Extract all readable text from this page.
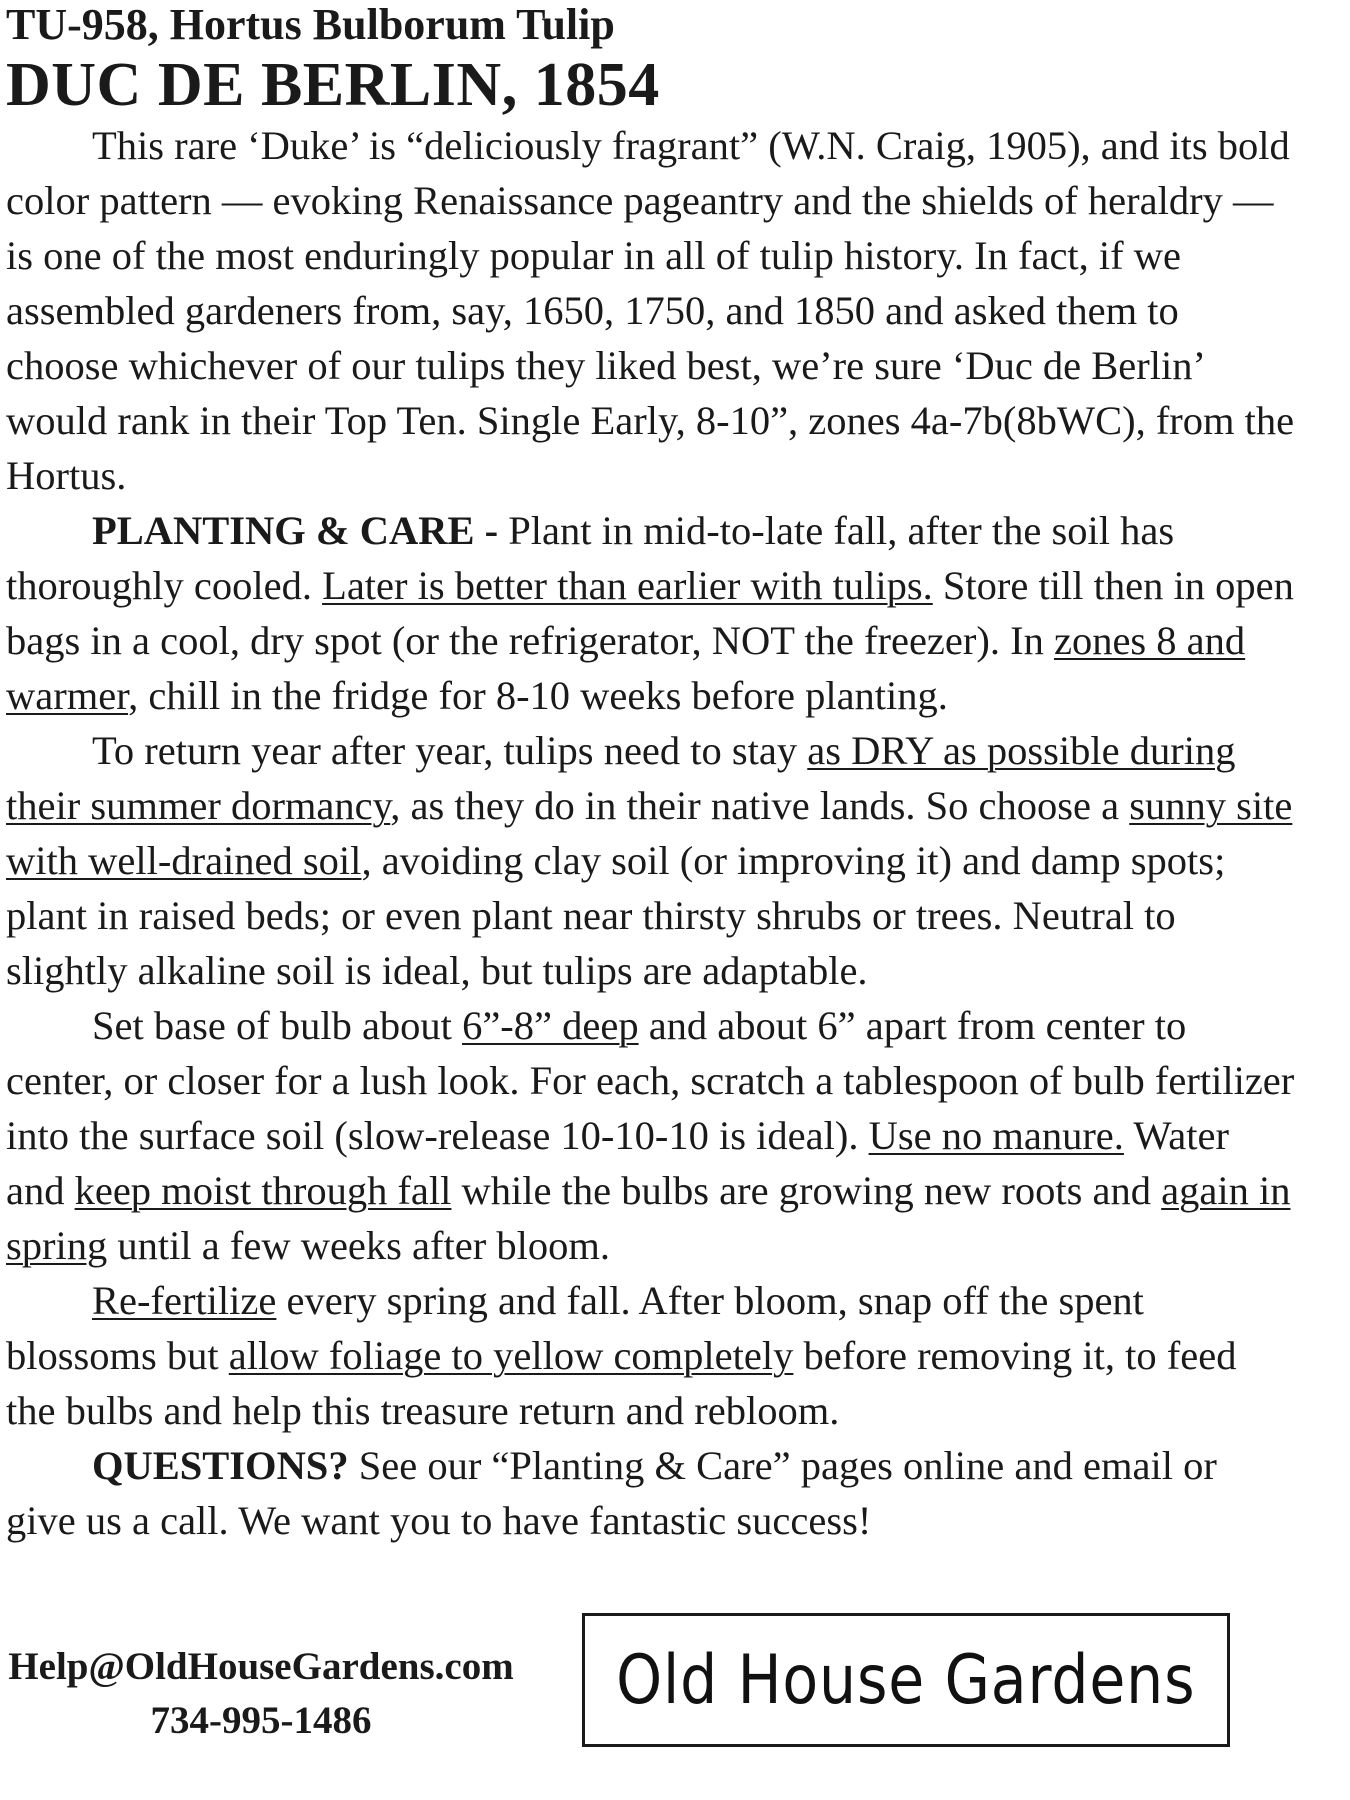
TU-958, Hortus Bulborum Tulip
DUC DE BERLIN, 1854

This rare ‘Duke’ is “deliciously fragrant” (W.N. Craig, 1905), and its bold color pattern — evoking Renaissance pageantry and the shields of heraldry — is one of the most enduringly popular in all of tulip history. In fact, if we assembled gardeners from, say, 1650, 1750, and 1850 and asked them to choose whichever of our tulips they liked best, we’re sure ‘Duc de Berlin’ would rank in their Top Ten. Single Early, 8-10”, zones 4a-7b(8bWC), from the Hortus.

PLANTING & CARE - Plant in mid-to-late fall, after the soil has thoroughly cooled. Later is better than earlier with tulips. Store till then in open bags in a cool, dry spot (or the refrigerator, NOT the freezer). In zones 8 and warmer, chill in the fridge for 8-10 weeks before planting.

To return year after year, tulips need to stay as DRY as possible during their summer dormancy, as they do in their native lands. So choose a sunny site with well-drained soil, avoiding clay soil (or improving it) and damp spots; plant in raised beds; or even plant near thirsty shrubs or trees. Neutral to slightly alkaline soil is ideal, but tulips are adaptable.

Set base of bulb about 6”-8” deep and about 6” apart from center to center, or closer for a lush look. For each, scratch a tablespoon of bulb fertilizer into the surface soil (slow-release 10-10-10 is ideal). Use no manure. Water and keep moist through fall while the bulbs are growing new roots and again in spring until a few weeks after bloom.

Re-fertilize every spring and fall. After bloom, snap off the spent blossoms but allow foliage to yellow completely before removing it, to feed the bulbs and help this treasure return and rebloom.

QUESTIONS? See our “Planting & Care” pages online and email or give us a call. We want you to have fantastic success!

Help@OldHouseGardens.com
734-995-1486
Old House Gardens
